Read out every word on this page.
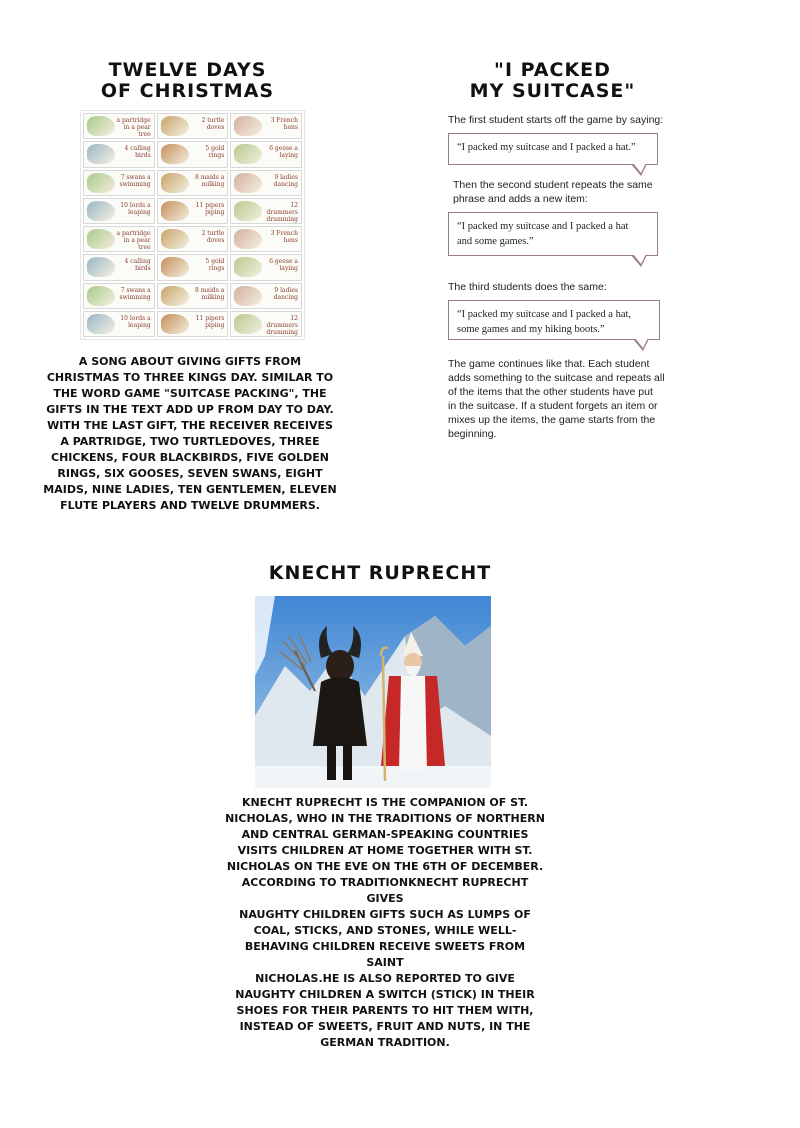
TWELVE DAYS
OF CHRISTMAS
a partridge in a pear tree
2 turtle doves
3 French hens
4 calling birds
5 gold rings
6 geese a laying
7 swans a swimming
8 maids a milking
9 ladies dancing
10 lords a leaping
11 pipers piping
12 drummers drumming
a partridge in a pear tree
2 turtle doves
3 French hens
4 calling birds
5 gold rings
6 geese a laying
7 swans a swimming
8 maids a milking
9 ladies dancing
10 lords a leaping
11 pipers piping
12 drummers drumming
A SONG ABOUT GIVING GIFTS FROM
CHRISTMAS TO THREE KINGS DAY. SIMILAR TO
THE WORD GAME "SUITCASE PACKING", THE
GIFTS IN THE TEXT ADD UP FROM DAY TO DAY.
WITH THE LAST GIFT, THE RECEIVER RECEIVES
A PARTRIDGE, TWO TURTLEDOVES, THREE
CHICKENS, FOUR BLACKBIRDS, FIVE GOLDEN
RINGS, SIX GOOSES, SEVEN SWANS, EIGHT
MAIDS, NINE LADIES, TEN GENTLEMEN, ELEVEN
FLUTE PLAYERS AND TWELVE DRUMMERS.
"I PACKED
MY SUITCASE"
The first student starts off the game by saying:
“I packed my suitcase and I packed a hat.”
Then the second student repeats the same
phrase and adds a new item:
“I packed my suitcase and I packed a hat
and some games.”
The third students does the same:
“I packed my suitcase and I packed a hat,
some games and my hiking boots.”
The game continues like that. Each student
adds something to the suitcase and repeats all
of the items that the other students have put
in the suitcase. If a student forgets an item or
mixes up the items, the game starts from the
beginning.
KNECHT RUPRECHT
KNECHT RUPRECHT IS THE COMPANION OF ST.
NICHOLAS, WHO IN THE TRADITIONS OF NORTHERN
AND CENTRAL GERMAN-SPEAKING COUNTRIES
VISITS CHILDREN AT HOME TOGETHER WITH ST.
NICHOLAS ON THE EVE ON THE 6TH OF DECEMBER.
ACCORDING TO TRADITIONKNECHT RUPRECHT GIVES
NAUGHTY CHILDREN GIFTS SUCH AS LUMPS OF
COAL, STICKS, AND STONES, WHILE WELL-
BEHAVING CHILDREN RECEIVE SWEETS FROM SAINT
NICHOLAS.HE IS ALSO REPORTED TO GIVE
NAUGHTY CHILDREN A SWITCH (STICK) IN THEIR
SHOES FOR THEIR PARENTS TO HIT THEM WITH,
INSTEAD OF SWEETS, FRUIT AND NUTS, IN THE
GERMAN TRADITION.
